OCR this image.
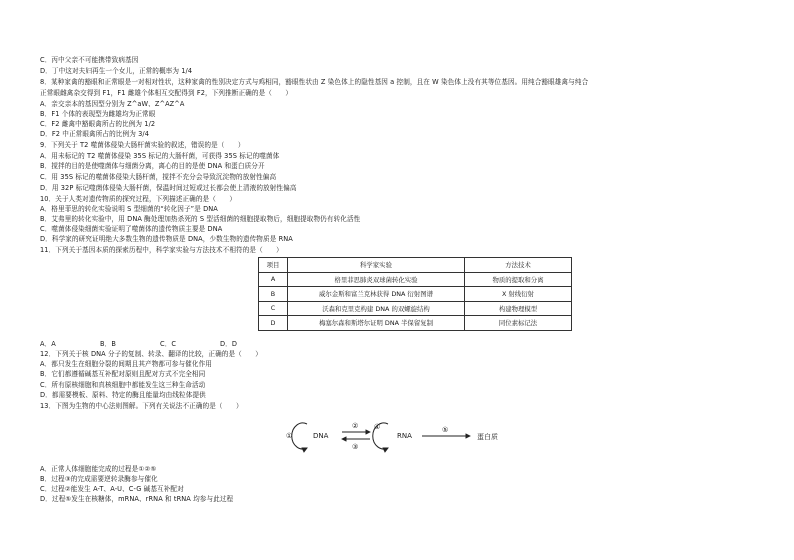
C．丙中父亲不可能携带致病基因
D．丁中这对夫妇再生一个女儿，正常的概率为 1/4
8．某种家禽的豁眼和正常眼是一对相对性状，这种家禽的性别决定方式与鸡相同，豁眼性状由 Z 染色体上的隐性基因 a 控制，且在 W 染色体上没有其等位基因。用纯合豁眼雄禽与纯合
正常眼雌禽杂交得到 F1，F1 雌雄个体相互交配得到 F2，下列推断正确的是（　　）
A．亲交亲本的基因型分别为 Z^aW、Z^AZ^A
B．F1 个体的表现型为雌雄均为正常眼
C．F2 雌禽中豁眼禽所占的比例为 1/2
D．F2 中正常眼禽所占的比例为 3/4
9．下列关于 T2 噬菌体侵染大肠杆菌实验的叙述，错误的是（　　）
A．用未标记的 T2 噬菌体侵染 35S 标记的大肠杆菌，可获得 35S 标记的噬菌体
B．搅拌的目的是使噬菌体与细菌分离，离心的目的是使 DNA 和蛋白质分开
C．用 35S 标记的噬菌体侵染大肠杆菌，搅拌不充分会导致沉淀物的放射性偏高
D．用 32P 标记噬菌体侵染大肠杆菌，保温时间过短或过长都会使上清液的放射性偏高
10．关于人类对遗传物质的探究过程，下列描述正确的是（　　）
A．格里菲思的转化实验说明 S 型细菌的“转化因子”是 DNA
B．艾弗里的转化实验中，用 DNA 酶处理加热杀死的 S 型活细菌的细胞提取物后，细胞提取物仍有转化活性
C．噬菌体侵染细菌实验证明了噬菌体的遗传物质主要是 DNA
D．科学家的研究证明绝大多数生物的遗传物质是 DNA，少数生物的遗传物质是 RNA
11．下列关于基因本质的探索历程中，科学家实验与方法技术不相符的是（　　）
项目	科学家实验	方法技术
A	格里菲思肺炎双球菌转化实验	物质的提取和分离
B	威尔金斯和富兰克林获得 DNA 衍射图谱	X 射线衍射
C	沃森和克里克构建 DNA 的双螺旋结构	构建物理模型
D	梅塞尔森和斯塔尔证明 DNA 半保留复制	同位素标记法
A．A	B．B	C．C	D．D
12．下列关于核 DNA 分子的复制、转录、翻译的比较，正确的是（　　）
A．都只发生在细胞分裂的间期且其产物都可参与催化作用
B．它们都遵循碱基互补配对原则且配对方式不完全相同
C．所有原核细胞和真核细胞中都能发生这三种生命活动
D．都需要模板、原料、特定的酶且能量均由线粒体提供
13．下图为生物的中心法则图解。下列有关说法不正确的是（　　）
①	DNA
②
③
④
RNA
⑤
蛋白质
A．正常人体细胞能完成的过程是①②⑤
B．过程③的完成需要逆转录酶参与催化
C．过程②能发生 A-T、A-U、C-G 碱基互补配对
D．过程⑤发生在核糖体，mRNA、rRNA 和 tRNA 均参与此过程
